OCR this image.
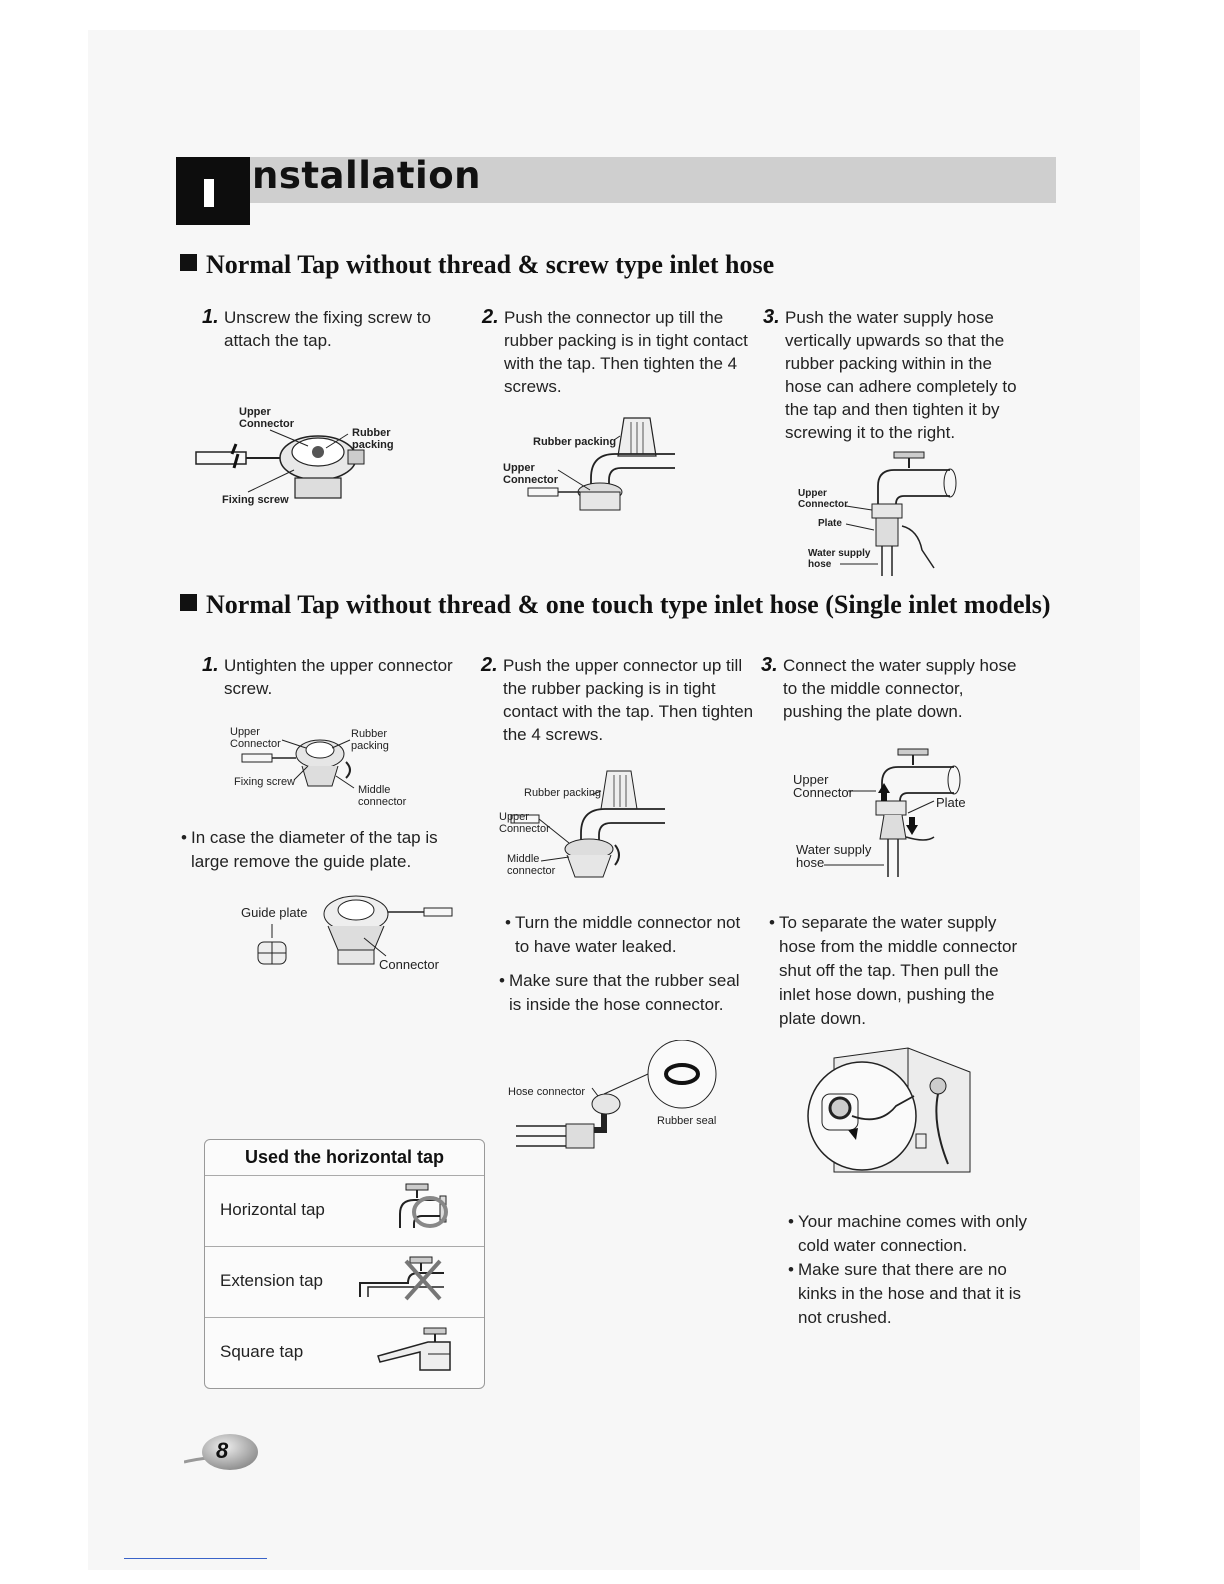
nstallation
Normal Tap without thread & screw type inlet hose
1. Unscrew the fixing screw to attach the tap.
2. Push the connector up till the rubber packing is in tight contact with the tap. Then tighten the 4 screws.
3. Push the water supply hose vertically upwards so that the rubber packing within in the hose can adhere completely to the tap and then tighten it by screwing it to the right.
Upper
Connector
Rubber
packing
Fixing screw
Rubber packing
Upper
Connector
Upper
Connector
Plate
Water supply
hose
Normal Tap without thread & one touch type inlet hose (Single inlet models)
1. Untighten the upper connector screw.
2. Push the upper connector up till the rubber packing is in tight contact with the tap. Then tighten the 4 screws.
3. Connect the water supply hose to the middle connector, pushing the plate down.
Upper
Connector
Rubber
packing
Fixing screw
Middle
connector
• In case the diameter of the tap is large remove the guide plate.
Guide plate
Connector
Rubber packing
Upper
Connector
Middle
connector
• Turn the middle connector not to have water leaked.
• Make sure that the rubber seal is inside the hose connector.
Hose connector
Rubber seal
Upper
Connector
Plate
Water supply
hose
• To separate the water supply hose from the middle connector shut off the tap. Then pull the inlet hose down, pushing the plate down.
• Your machine comes with only cold water connection.
• Make sure that there are no kinks in the hose and that it is not crushed.
Used the horizontal tap
Horizontal tap
Extension tap
Square tap
8
